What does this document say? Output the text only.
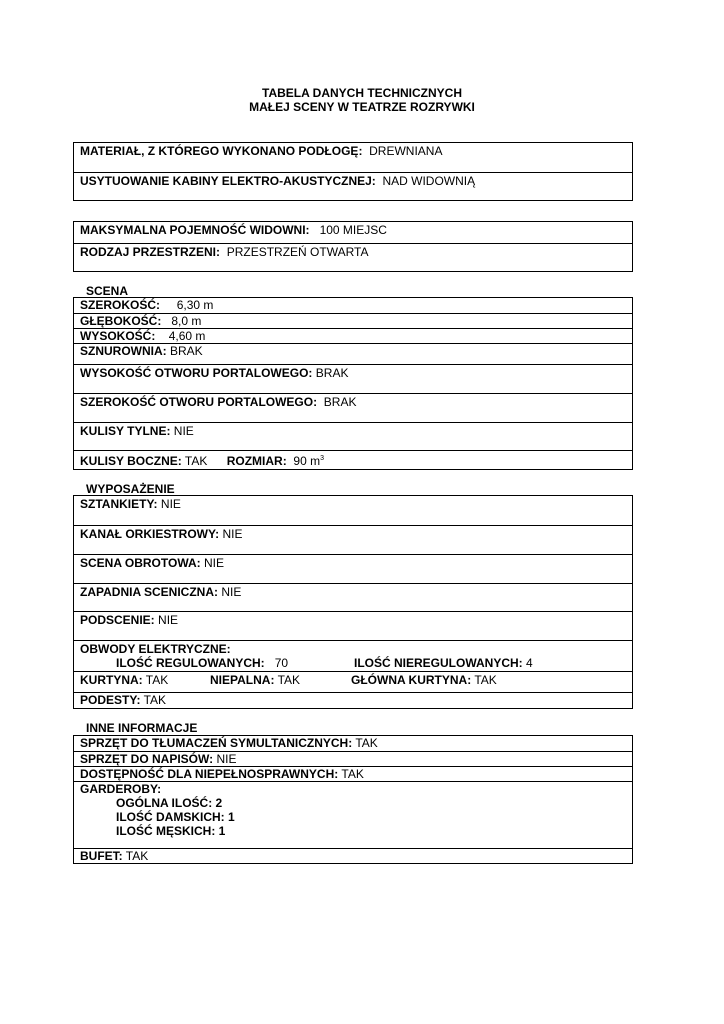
TABELA DANYCH TECHNICZNYCH
MAŁEJ SCENY W TEATRZE ROZRYWKI
MATERIAŁ, Z KTÓREGO WYKONANO PODŁOGĘ: DREWNIANA
USYTUOWANIE KABINY ELEKTRO-AKUSTYCZNEJ: NAD WIDOWNIĄ
MAKSYMALNA POJEMNOŚĆ WIDOWNI: 100 MIEJSC
RODZAJ PRZESTRZENI: PRZESTRZEŃ OTWARTA
SCENA
SZEROKOŚĆ: 6,30 m
GŁĘBOKOŚĆ: 8,0 m
WYSOKOŚĆ: 4,60 m
SZNUROWNIA: BRAK
WYSOKOŚĆ OTWORU PORTALOWEGO: BRAK
SZEROKOŚĆ OTWORU PORTALOWEGO: BRAK
KULISY TYLNE: NIE
KULISY BOCZNE: TAK ROZMIAR: 90 $m^3$
WYPOSAŻENIE
SZTANKIETY: NIE
KANAŁ ORKIESTROWY: NIE
SCENA OBROTOWA: NIE
ZAPADNIA SCENICZNA: NIE
PODSCENIE: NIE
OBWODY ELEKTRYCZNE:
ILOŚĆ REGULOWANYCH: 70	ILOŚĆ NIEREGULOWANYCH: 4
KURTYNA: TAK	NIEPALNA: TAK	GŁÓWNA KURTYNA: TAK
PODESTY: TAK
INNE INFORMACJE
SPRZĘT DO TŁUMACZEŃ SYMULTANICZNYCH: TAK
SPRZĘT DO NAPISÓW: NIE
DOSTĘPNOŚĆ DLA NIEPEŁNOSPRAWNYCH: TAK
GARDEROBY:
OGÓLNA ILOŚĆ: 2
ILOŚĆ DAMSKICH: 1
ILOŚĆ MĘSKICH: 1
BUFET: TAK
